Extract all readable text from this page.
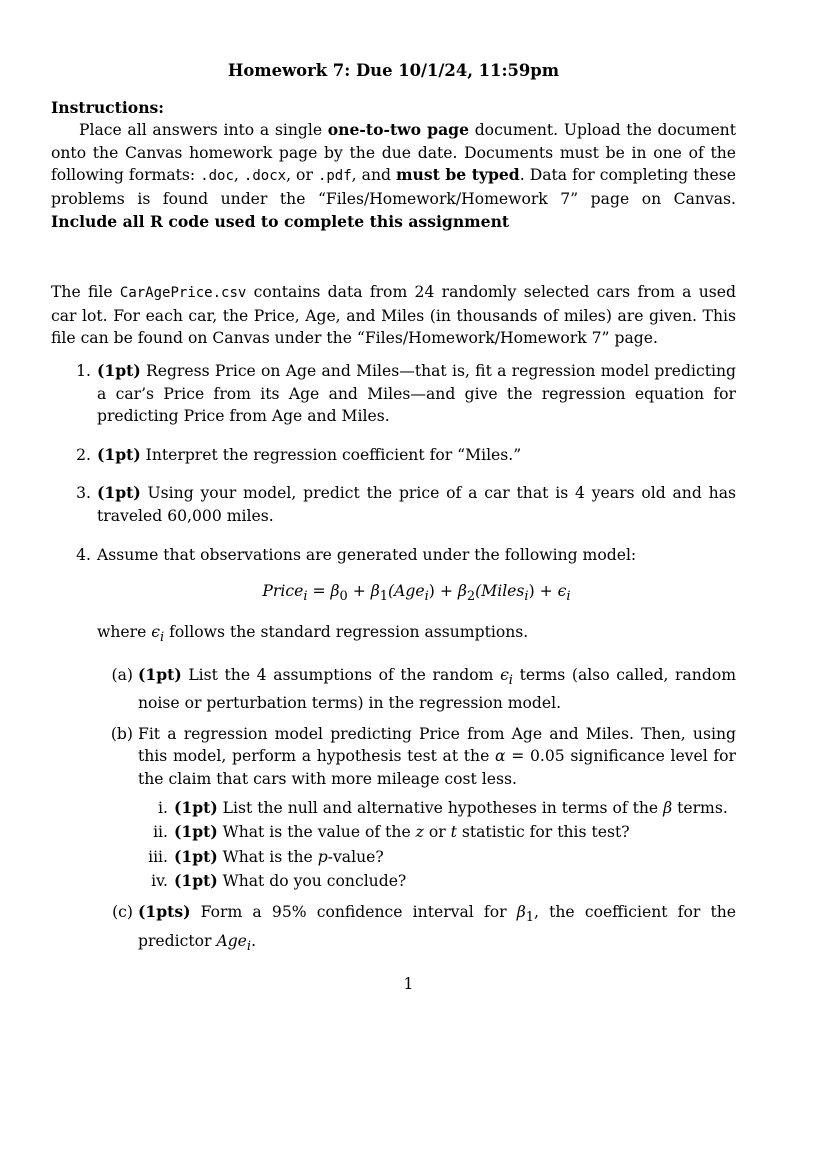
Homework 7: Due 10/1/24, 11:59pm
Instructions:
Place all answers into a single one-to-two page document. Upload the document onto the Canvas homework page by the due date. Documents must be in one of the following formats: .doc, .docx, or .pdf, and must be typed. Data for completing these problems is found under the “Files/Homework/Homework 7” page on Canvas. Include all R code used to complete this assignment
The file CarAgePrice.csv contains data from 24 randomly selected cars from a used car lot. For each car, the Price, Age, and Miles (in thousands of miles) are given. This file can be found on Canvas under the “Files/Homework/Homework 7” page.
1. (1pt) Regress Price on Age and Miles—that is, fit a regression model predicting a car’s Price from its Age and Miles—and give the regression equation for predicting Price from Age and Miles.
2. (1pt) Interpret the regression coefficient for “Miles.”
3. (1pt) Using your model, predict the price of a car that is 4 years old and has traveled 60,000 miles.
4. Assume that observations are generated under the following model:
Price$_i$ = $\beta_0 + \beta_1(Age_i)$ + $\beta_2(Miles_i) + \epsilon_i$
where $\epsilon_i$ follows the standard regression assumptions.
(a) (1pt) List the 4 assumptions of the random $\epsilon_i$ terms (also called, random noise or perturbation terms) in the regression model.
(b) Fit a regression model predicting Price from Age and Miles. Then, using this model, perform a hypothesis test at the α = 0.05 significance level for the claim that cars with more mileage cost less.
i. (1pt) List the null and alternative hypotheses in terms of the β terms.
ii. (1pt) What is the value of the z or t statistic for this test?
iii. (1pt) What is the p-value?
iv. (1pt) What do you conclude?
(c) (1pts) Form a 95% confidence interval for $\beta_1$, the coefficient for the predictor Age$_i$.
1
